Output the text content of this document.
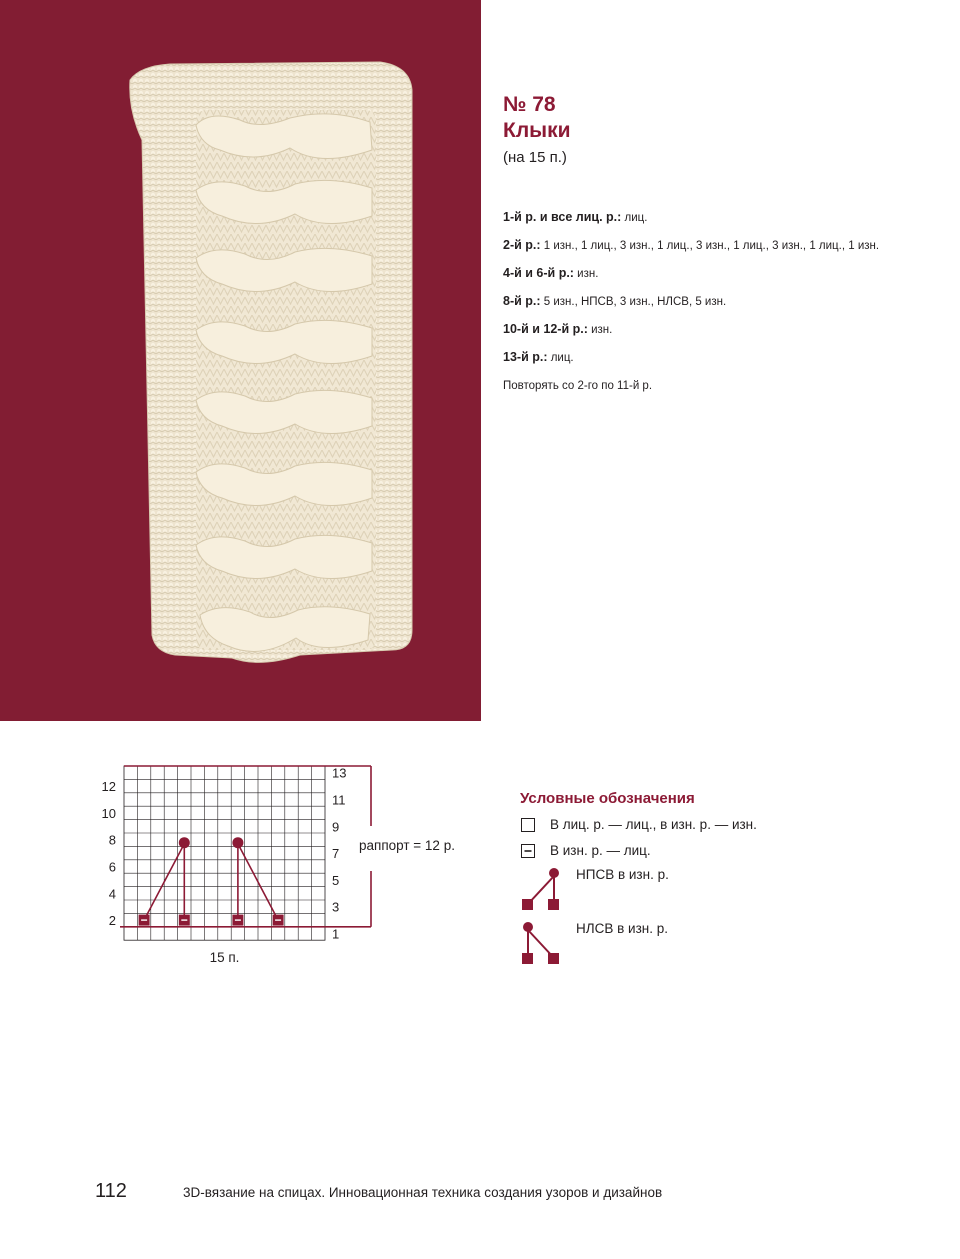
№ 78
Клыки
(на 15 п.)
1-й р. и все лиц. р.: лиц.
2-й р.: 1 изн., 1 лиц., 3 изн., 1 лиц., 3 изн., 1 лиц., 3 изн., 1 лиц., 1 изн.
4-й и 6-й р.: изн.
8-й р.: 5 изн., НПСВ, 3 изн., НЛСВ, 5 изн.
10-й и 12-й р.: изн.
13-й р.: лиц.
Повторять со 2-го по 11-й р.
12
10
8
6
4
2
13
11
9
7
5
3
1
раппорт = 12 р.
15 п.
Условные обозначения
В лиц. р. — лиц., в изн. р. — изн.
В изн. р. — лиц.
НПСВ в изн. р.
НЛСВ в изн. р.
112	3D-вязание на спицах. Инновационная техника создания узоров и дизайнов
